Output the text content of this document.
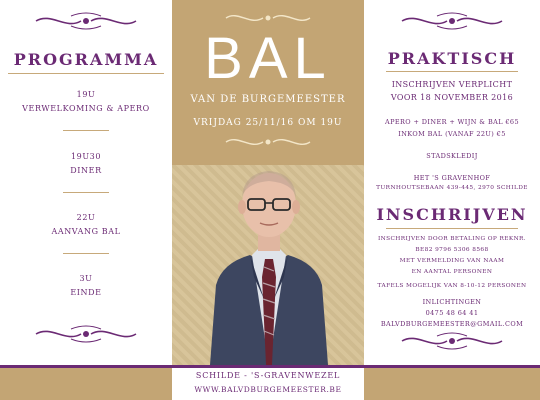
PROGRAMMA
19U
VERWELKOMING & APERO
19U30
DINER
22U
AANVANG BAL
3U
EINDE
BAL
VAN DE BURGEMEESTER
VRIJDAG 25/11/16 OM 19U
SCHILDE - 'S-GRAVENWEZEL
WWW.BALVDBURGEMEESTER.BE
PRAKTISCH
INSCHRIJVEN VERPLICHT
VOOR 18 NOVEMBER 2016
APERO + DINER + WIJN & BAL €65
INKOM BAL (VANAF 22U) €5
STADSKLEDIJ
HET 'S GRAVENHOF
TURNHOUTSEBAAN 439-445, 2970 SCHILDE
INSCHRIJVEN
INSCHRIJVEN DOOR BETALING OP REKNR.
BE82 9796 5306 8568
MET VERMELDING VAN NAAM
EN AANTAL PERSONEN
TAFELS MOGELIJK VAN 8-10-12 PERSONEN
INLICHTINGEN
0475 48 64 41
BALVDBURGEMEESTER@GMAIL.COM
